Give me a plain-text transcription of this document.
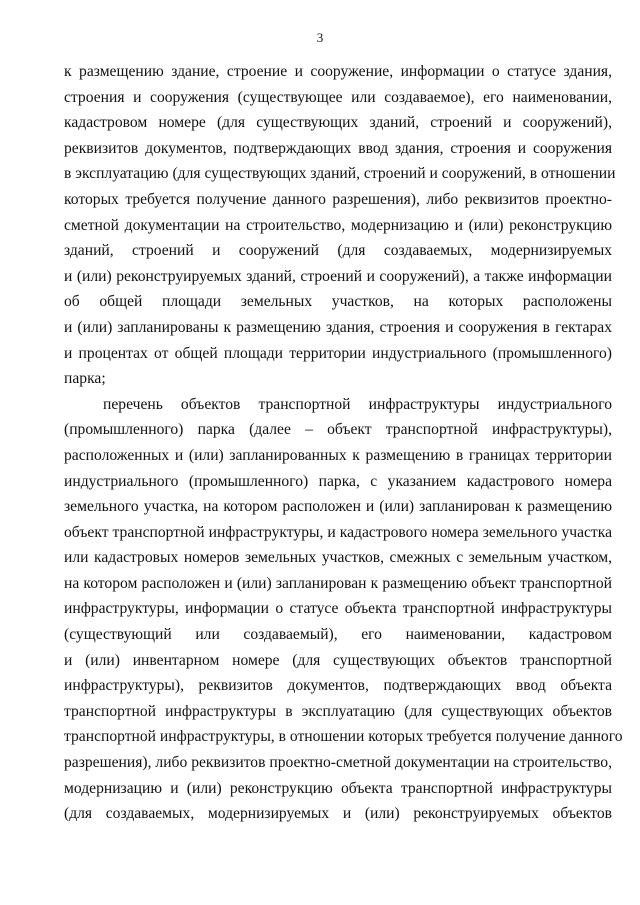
3
к размещению здание, строение и сооружение, информации о статусе здания,
строения и сооружения (существующее или создаваемое), его наименовании,
кадастровом номере (для существующих зданий, строений и сооружений),
реквизитов документов, подтверждающих ввод здания, строения и сооружения
в эксплуатацию (для существующих зданий, строений и сооружений, в отношении
которых требуется получение данного разрешения), либо реквизитов проектно-
сметной документации на строительство, модернизацию и (или) реконструкцию
зданий, строений и сооружений (для создаваемых, модернизируемых
и (или) реконструируемых зданий, строений и сооружений), а также информации
об общей площади земельных участков, на которых расположены
и (или) запланированы к размещению здания, строения и сооружения в гектарах
и процентах от общей площади территории индустриального (промышленного)
парка;
перечень объектов транспортной инфраструктуры индустриального
(промышленного) парка (далее – объект транспортной инфраструктуры),
расположенных и (или) запланированных к размещению в границах территории
индустриального (промышленного) парка, с указанием кадастрового номера
земельного участка, на котором расположен и (или) запланирован к размещению
объект транспортной инфраструктуры, и кадастрового номера земельного участка
или кадастровых номеров земельных участков, смежных с земельным участком,
на котором расположен и (или) запланирован к размещению объект транспортной
инфраструктуры, информации о статусе объекта транспортной инфраструктуры
(существующий или создаваемый), его наименовании, кадастровом
и (или) инвентарном номере (для существующих объектов транспортной
инфраструктуры), реквизитов документов, подтверждающих ввод объекта
транспортной инфраструктуры в эксплуатацию (для существующих объектов
транспортной инфраструктуры, в отношении которых требуется получение данного
разрешения), либо реквизитов проектно-сметной документации на строительство,
модернизацию и (или) реконструкцию объекта транспортной инфраструктуры
(для создаваемых, модернизируемых и (или) реконструируемых объектов
